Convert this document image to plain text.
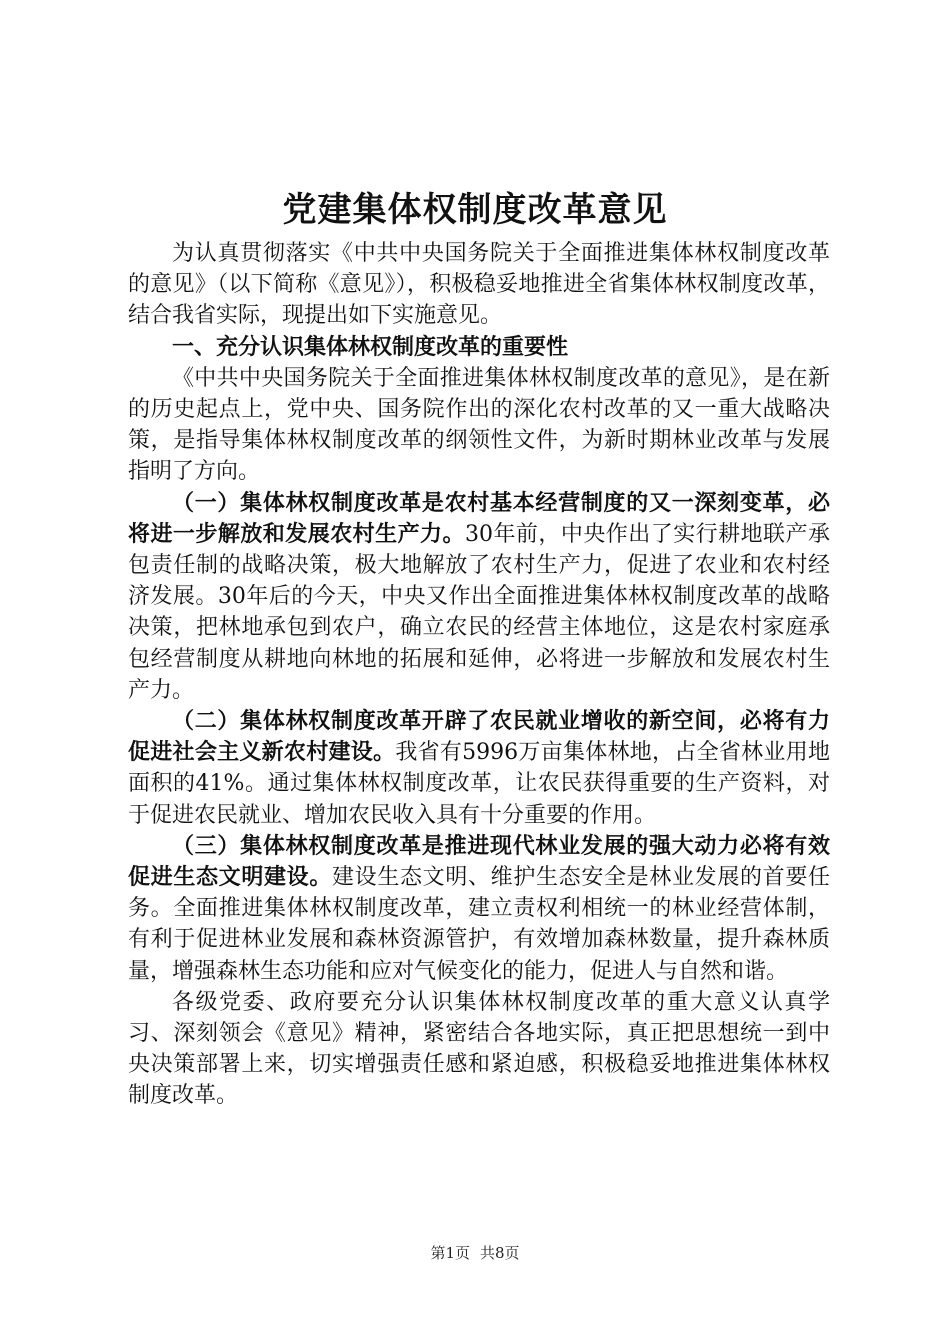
党建集体权制度改革意见

为认真贯彻落实《中共中央国务院关于全面推进集体林权制度改革的意见》（以下简称《意见》），积极稳妥地推进全省集体林权制度改革，结合我省实际，现提出如下实施意见。

一、充分认识集体林权制度改革的重要性

《中共中央国务院关于全面推进集体林权制度改革的意见》，是在新的历史起点上，党中央、国务院作出的深化农村改革的又一重大战略决策，是指导集体林权制度改革的纲领性文件，为新时期林业改革与发展指明了方向。

（一）集体林权制度改革是农村基本经营制度的又一深刻变革，必将进一步解放和发展农村生产力。30年前，中央作出了实行耕地联产承包责任制的战略决策，极大地解放了农村生产力，促进了农业和农村经济发展。30年后的今天，中央又作出全面推进集体林权制度改革的战略决策，把林地承包到农户，确立农民的经营主体地位，这是农村家庭承包经营制度从耕地向林地的拓展和延伸，必将进一步解放和发展农村生产力。

（二）集体林权制度改革开辟了农民就业增收的新空间，必将有力促进社会主义新农村建设。我省有5996万亩集体林地，占全省林业用地面积的41%。通过集体林权制度改革，让农民获得重要的生产资料，对于促进农民就业、增加农民收入具有十分重要的作用。

（三）集体林权制度改革是推进现代林业发展的强大动力必将有效促进生态文明建设。建设生态文明、维护生态安全是林业发展的首要任务。全面推进集体林权制度改革，建立责权利相统一的林业经营体制，有利于促进林业发展和森林资源管护，有效增加森林数量，提升森林质量，增强森林生态功能和应对气候变化的能力，促进人与自然和谐。

各级党委、政府要充分认识集体林权制度改革的重大意义认真学习、深刻领会《意见》精神，紧密结合各地实际，真正把思想统一到中央决策部署上来，切实增强责任感和紧迫感，积极稳妥地推进集体林权制度改革。

第1页 共8页
